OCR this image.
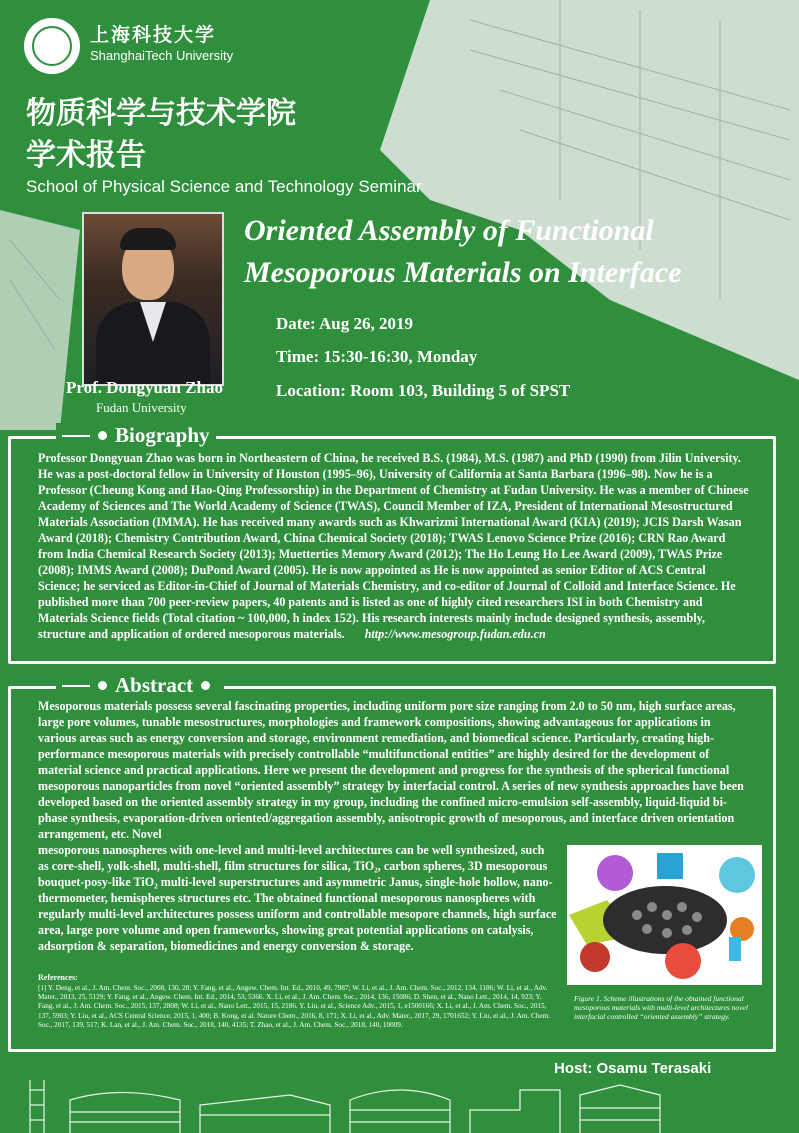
上海科技大学
ShanghaiTech University
物质科学与技术学院
学术报告
School of Physical Science and Technology Seminar
Prof. Dongyuan Zhao
Fudan University
Oriented Assembly of Functional
Mesoporous Materials on Interface
Date: Aug 26, 2019
Time: 15:30-16:30, Monday
Location: Room 103, Building 5 of SPST
Biography
Professor Dongyuan Zhao was born in Northeastern of China, he received B.S. (1984), M.S. (1987) and PhD (1990) from Jilin University. He was a post-doctoral fellow in University of Houston (1995–96), University of California at Santa Barbara (1996–98). Now he is a Professor (Cheung Kong and Hao-Qing Professorship) in the Department of Chemistry at Fudan University. He was a member of Chinese Academy of Sciences and The World Academy of Science (TWAS), Council Member of IZA, President of International Mesostructured Materials Association (IMMA). He has received many awards such as Khwarizmi International Award (KIA) (2019); JCIS Darsh Wasan Award (2018); Chemistry Contribution Award, China Chemical Society (2018); TWAS Lenovo Science Prize (2016); CRN Rao Award from India Chemical Research Society (2013); Muetterties Memory Award (2012); The Ho Leung Ho Lee Award (2009), TWAS Prize (2008); IMMS Award (2008); DuPond Award (2005). He is now appointed as He is now appointed as senior Editor of ACS Central Science; he serviced as Editor-in-Chief of Journal of Materials Chemistry, and co-editor of Journal of Colloid and Interface Science. He published more than 700 peer-review papers, 40 patents and is listed as one of highly cited researchers ISI in both Chemistry and Materials Science fields (Total citation ~ 100,000, h index 152). His research interests mainly include designed synthesis, assembly, structure and application of ordered mesoporous materials. http://www.mesogroup.fudan.edu.cn
Abstract
Mesoporous materials possess several fascinating properties, including uniform pore size ranging from 2.0 to 50 nm, high surface areas, large pore volumes, tunable mesostructures, morphologies and framework compositions, showing advantageous for applications in various areas such as energy conversion and storage, environment remediation, and biomedical science. Particularly, creating high-performance mesoporous materials with precisely controllable “multifunctional entities” are highly desired for the development of material science and practical applications. Here we present the development and progress for the synthesis of the spherical functional mesoporous nanoparticles from novel “oriented assembly” strategy by interfacial control. A series of new synthesis approaches have been developed based on the oriented assembly strategy in my group, including the confined micro-emulsion self-assembly, liquid-liquid bi-phase synthesis, evaporation-driven oriented/aggregation assembly, anisotropic growth of mesoporous, and interface driven orientation arrangement, etc. Novel
mesoporous nanospheres with one-level and multi-level architectures can be well synthesized, such as core-shell, yolk-shell, multi-shell, film structures for silica, TiO₂, carbon spheres, 3D mesoporous bouquet-posy-like TiO₂ multi-level superstructures and asymmetric Janus, single-hole hollow, nano-thermometer, hemispheres structures etc. The obtained functional mesoporous nanospheres with regularly multi-level architectures possess uniform and controllable mesopore channels, high surface area, large pore volume and open frameworks, showing great potential applications on catalysis, adsorption & separation, biomedicines and energy conversion & storage.
Figure 1. Scheme illustrations of the obtained functional mesoporous materials with multi-level architectures novel interfacial controlled “oriented assembly” strategy.
References:
[1] Y. Deng, et al., J. Am. Chem. Soc., 2008, 130, 28; Y. Fang, et al., Angew. Chem. Int. Ed., 2010, 49, 7987; W. Li, et al., J. Am. Chem. Soc., 2012, 134, 1186; W. Li, et al., Adv. Mater., 2013, 25, 5129; Y. Fang, et al., Angew. Chem. Int. Ed., 2014, 53, 5366. X. Li, et al., J. Am. Chem. Soc., 2014, 136, 15086; D. Shen, et al., Nano Lett., 2014, 14, 923; Y. Fang, et al., J. Am. Chem. Soc., 2015, 137, 2808; W. Li, et al., Nano Lett., 2015, 15, 2186. Y. Liu, et al., Science Adv., 2015, 1, e1500166; X. Li, et al., J. Am. Chem. Soc., 2015, 137, 5903; Y. Liu, et al., ACS Central Science, 2015, 1, 400; B. Kong, et al. Nature Chem., 2016, 8, 171; X. Li, et al., Adv. Mater., 2017, 29, 1701652; Y. Liu, et al., J. Am. Chem. Soc., 2017, 139, 517; K. Lan, et al., J. Am. Chem. Soc., 2018, 140, 4135; T. Zhao, et al., J. Am. Chem. Soc., 2018, 140, 10009.
Host: Osamu Terasaki
